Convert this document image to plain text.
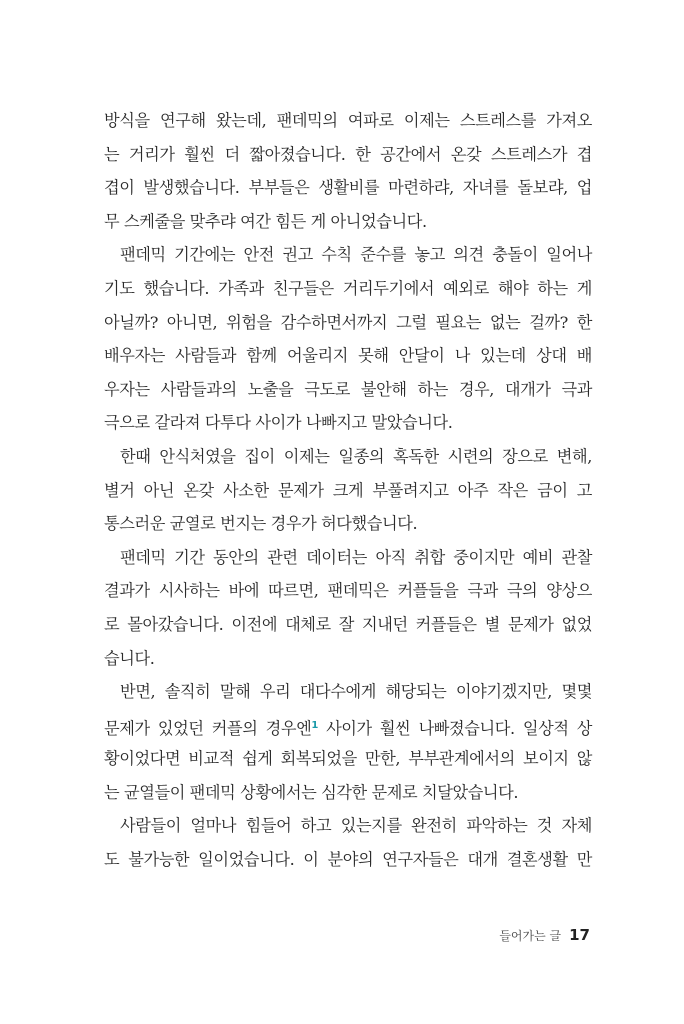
방식을 연구해 왔는데, 팬데믹의 여파로 이제는 스트레스를 가져오
는 거리가 훨씬 더 짧아졌습니다. 한 공간에서 온갖 스트레스가 겹
겹이 발생했습니다. 부부들은 생활비를 마련하랴, 자녀를 돌보랴, 업
무 스케줄을 맞추랴 여간 힘든 게 아니었습니다.
팬데믹 기간에는 안전 권고 수칙 준수를 놓고 의견 충돌이 일어나
기도 했습니다. 가족과 친구들은 거리두기에서 예외로 해야 하는 게
아닐까? 아니면, 위험을 감수하면서까지 그럴 필요는 없는 걸까? 한
배우자는 사람들과 함께 어울리지 못해 안달이 나 있는데 상대 배
우자는 사람들과의 노출을 극도로 불안해 하는 경우, 대개가 극과
극으로 갈라져 다투다 사이가 나빠지고 말았습니다.
한때 안식처였을 집이 이제는 일종의 혹독한 시련의 장으로 변해,
별거 아닌 온갖 사소한 문제가 크게 부풀려지고 아주 작은 금이 고
통스러운 균열로 번지는 경우가 허다했습니다.
팬데믹 기간 동안의 관련 데이터는 아직 취합 중이지만 예비 관찰
결과가 시사하는 바에 따르면, 팬데믹은 커플들을 극과 극의 양상으
로 몰아갔습니다. 이전에 대체로 잘 지내던 커플들은 별 문제가 없었
습니다.
반면, 솔직히 말해 우리 대다수에게 해당되는 이야기겠지만, 몇몇
문제가 있었던 커플의 경우엔$^1$ 사이가 훨씬 나빠졌습니다. 일상적 상
황이었다면 비교적 쉽게 회복되었을 만한, 부부관계에서의 보이지 않
는 균열들이 팬데믹 상황에서는 심각한 문제로 치달았습니다.
사람들이 얼마나 힘들어 하고 있는지를 완전히 파악하는 것 자체
도 불가능한 일이었습니다. 이 분야의 연구자들은 대개 결혼생활 만
들어가는 글 17
